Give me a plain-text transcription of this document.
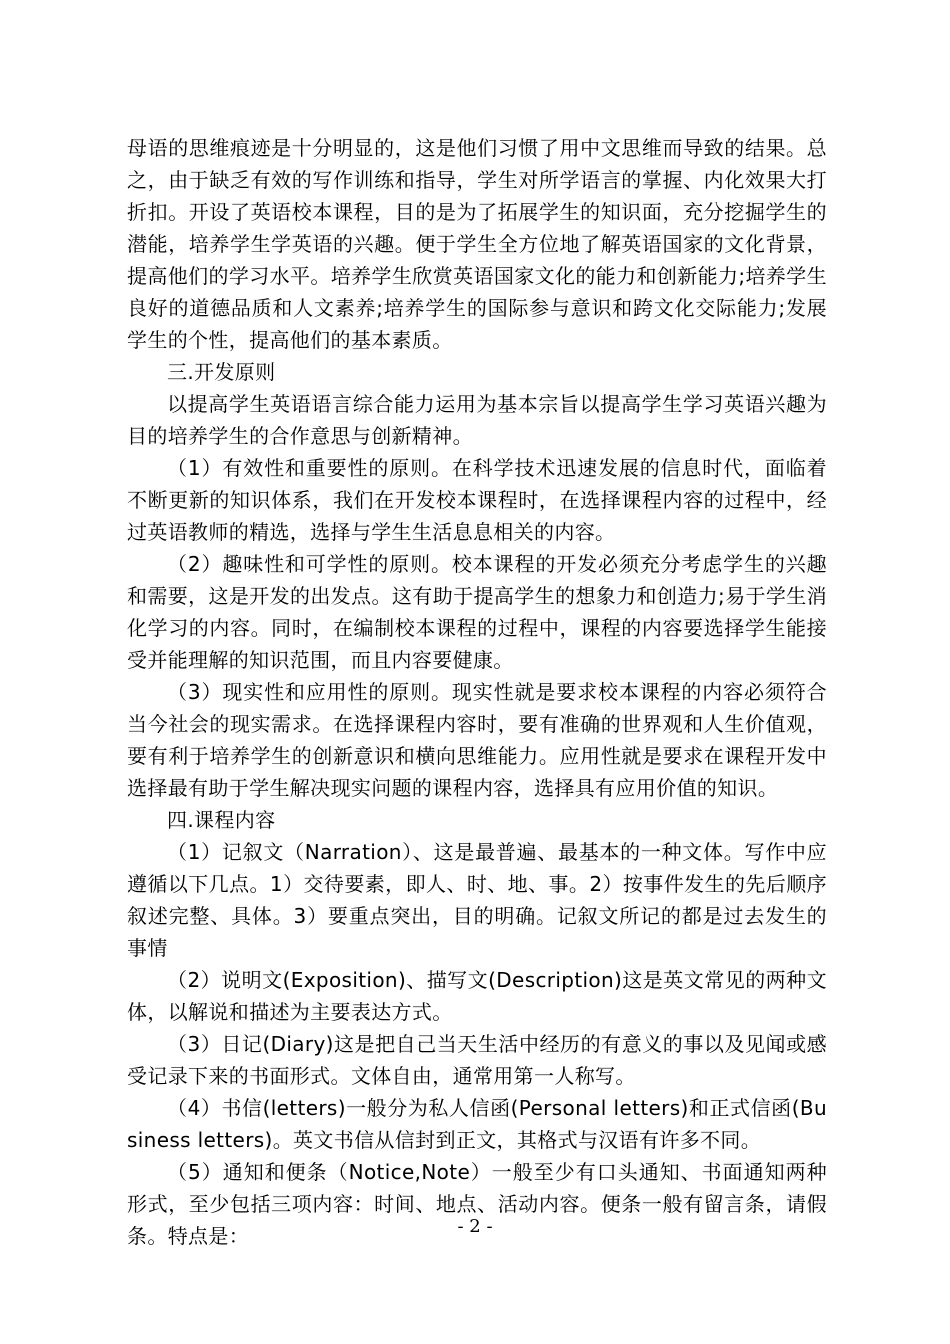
母语的思维痕迹是十分明显的，这是他们习惯了用中文思维而导致的结果。总之，由于缺乏有效的写作训练和指导，学生对所学语言的掌握、内化效果大打折扣。开设了英语校本课程，目的是为了拓展学生的知识面，充分挖掘学生的潜能，培养学生学英语的兴趣。便于学生全方位地了解英语国家的文化背景，提高他们的学习水平。培养学生欣赏英语国家文化的能力和创新能力;培养学生良好的道德品质和人文素养;培养学生的国际参与意识和跨文化交际能力;发展学生的个性，提高他们的基本素质。

三.开发原则

以提高学生英语语言综合能力运用为基本宗旨以提高学生学习英语兴趣为目的培养学生的合作意思与创新精神。

（1）有效性和重要性的原则。在科学技术迅速发展的信息时代，面临着不断更新的知识体系，我们在开发校本课程时，在选择课程内容的过程中，经过英语教师的精选，选择与学生生活息息相关的内容。

（2）趣味性和可学性的原则。校本课程的开发必须充分考虑学生的兴趣和需要，这是开发的出发点。这有助于提高学生的想象力和创造力;易于学生消化学习的内容。同时，在编制校本课程的过程中，课程的内容要选择学生能接受并能理解的知识范围，而且内容要健康。

（3）现实性和应用性的原则。现实性就是要求校本课程的内容必须符合当今社会的现实需求。在选择课程内容时，要有准确的世界观和人生价值观，要有利于培养学生的创新意识和横向思维能力。应用性就是要求在课程开发中选择最有助于学生解决现实问题的课程内容，选择具有应用价值的知识。

四.课程内容

（1）记叙文（Narration）、这是最普遍、最基本的一种文体。写作中应遵循以下几点。1）交待要素，即人、时、地、事。2）按事件发生的先后顺序叙述完整、具体。3）要重点突出，目的明确。记叙文所记的都是过去发生的事情

（2）说明文(Exposition)、描写文(Description)这是英文常见的两种文体，以解说和描述为主要表达方式。

（3）日记(Diary)这是把自己当天生活中经历的有意义的事以及见闻或感受记录下来的书面形式。文体自由，通常用第一人称写。

（4）书信(letters)一般分为私人信函(Personal letters)和正式信函(Business letters)。英文书信从信封到正文，其格式与汉语有许多不同。

（5）通知和便条（Notice,Note）一般至少有口头通知、书面通知两种形式，至少包括三项内容：时间、地点、活动内容。便条一般有留言条，请假条。特点是：	- 2 -
